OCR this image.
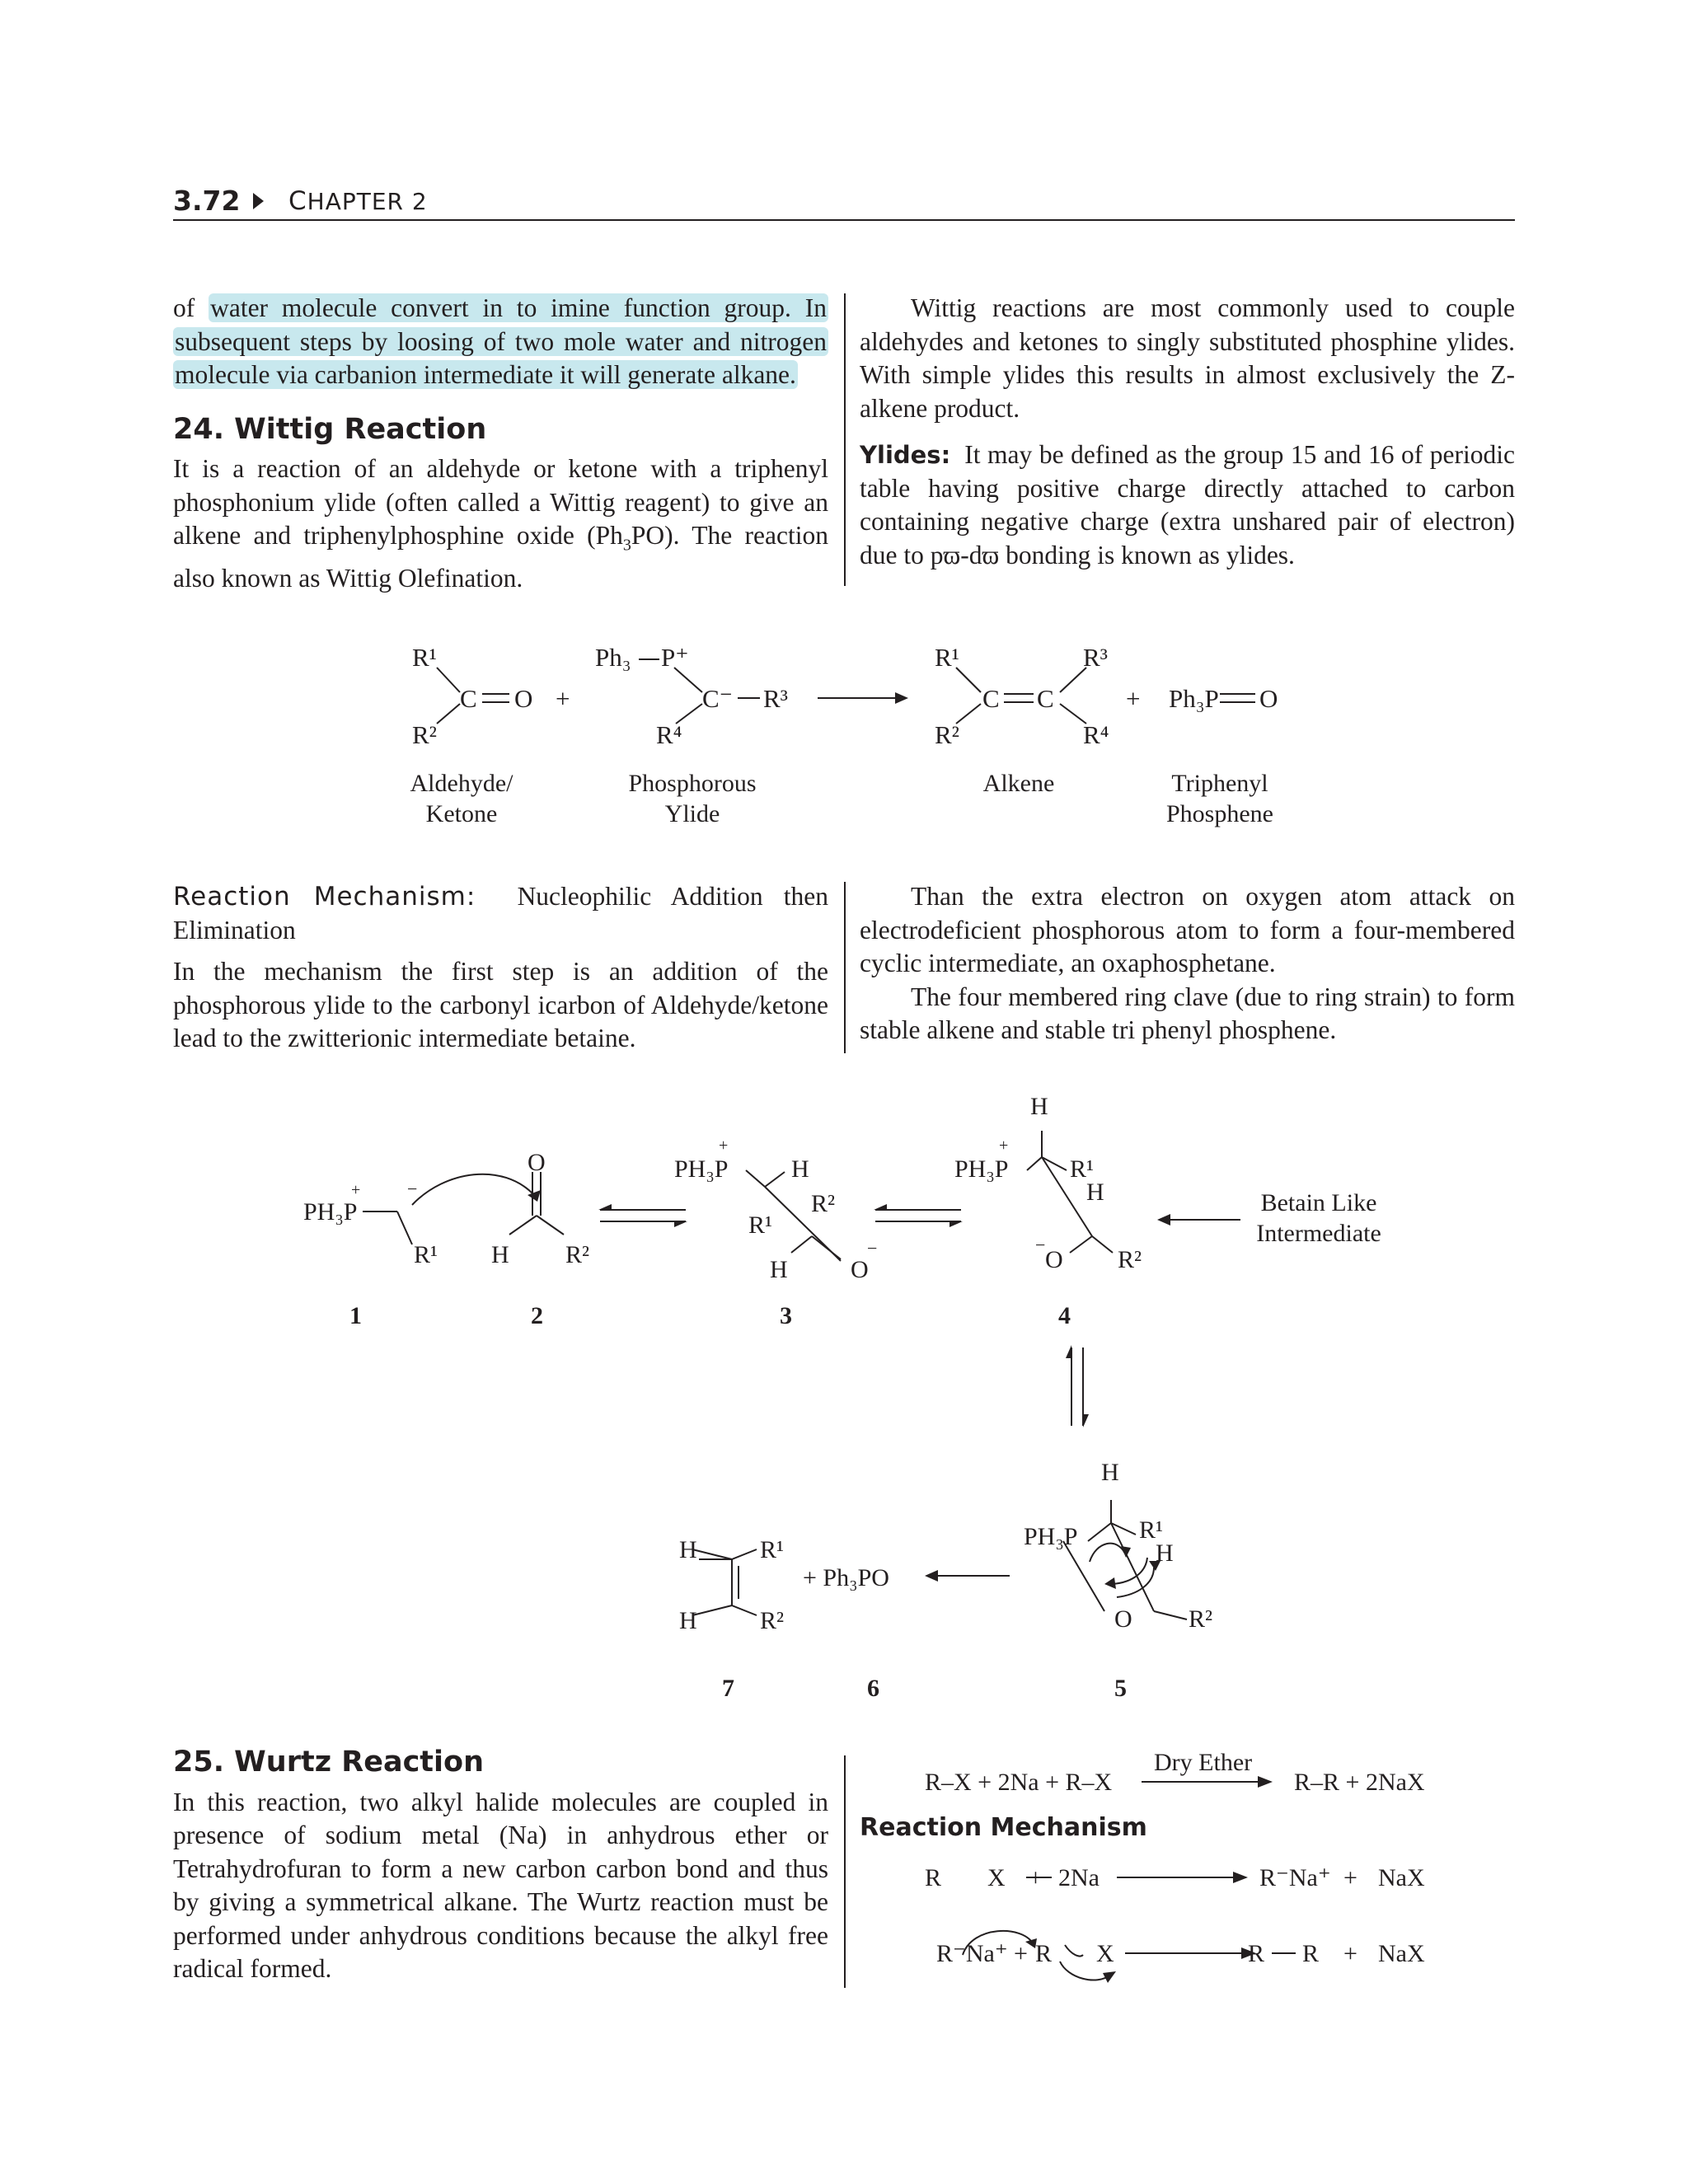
3.72 CHAPTER 2

of water molecule convert in to imine function group. In subsequent steps by loosing of two mole water and nitrogen molecule via carbanion intermediate it will generate alkane.

24. Wittig Reaction

It is a reaction of an aldehyde or ketone with a triphenyl phosphonium ylide (often called a Wittig reagent) to give an alkene and triphenylphosphine oxide $(Ph_3PO)$. The reaction also known as Wittig Olefination.

Wittig reactions are most commonly used to couple aldehydes and ketones to singly substituted phosphine ylides. With simple ylides this results in almost exclusively the Z-alkene product.

Ylides: It may be defined as the group 15 and 16 of periodic table having positive charge directly attached to carbon containing negative charge (extra unshared pair of electron) due to pϖ-dϖ bonding is known as ylides.

R¹
R²
C O +
Ph₃ P⁺
C⁻ R³
R⁴
R¹
R²
C C
R³
R⁴
+ Ph₃P O
Aldehyde/
Ketone
Phosphorous
Ylide
Alkene	Triphenyl
Phosphene

Reaction Mechanism: Nucleophilic Addition then Elimination

In the mechanism the first step is an addition of the phosphorous ylide to the carbonyl icarbon of Aldehyde/ketone lead to the zwitterionic intermediate betaine.

Than the extra electron on oxygen atom attack on electrodeficient phosphorous atom to form a four-membered cyclic intermediate, an oxaphosphetane.

The four membered ring clave (due to ring strain) to form stable alkene and stable tri phenyl phosphene.

PH₃P
+	−
R¹
O
H R²
PH₃P
+
H
R¹
R²
H	O
−
H
PH₃P
+
R¹
H
−
O R²
H
PH₃P R¹
H
O R²
H	R¹
H	R²
+ Ph₃PO
1	2	3	4
5
6
7
Betain Like
Intermediate

25. Wurtz Reaction

In this reaction, two alkyl halide molecules are coupled in presence of sodium metal (Na) in anhydrous ether or Tetrahydrofuran to form a new carbon carbon bond and thus by giving a symmetrical alkane. The Wurtz reaction must be performed under anhydrous conditions because the alkyl free radical formed.

R–X + 2Na + R–X
Dry Ether
R–R + 2NaX
R X + 2Na	R⁻Na⁺ + NaX
R⁻Na⁺ + R X	R R + NaX
Reaction Mechanism
